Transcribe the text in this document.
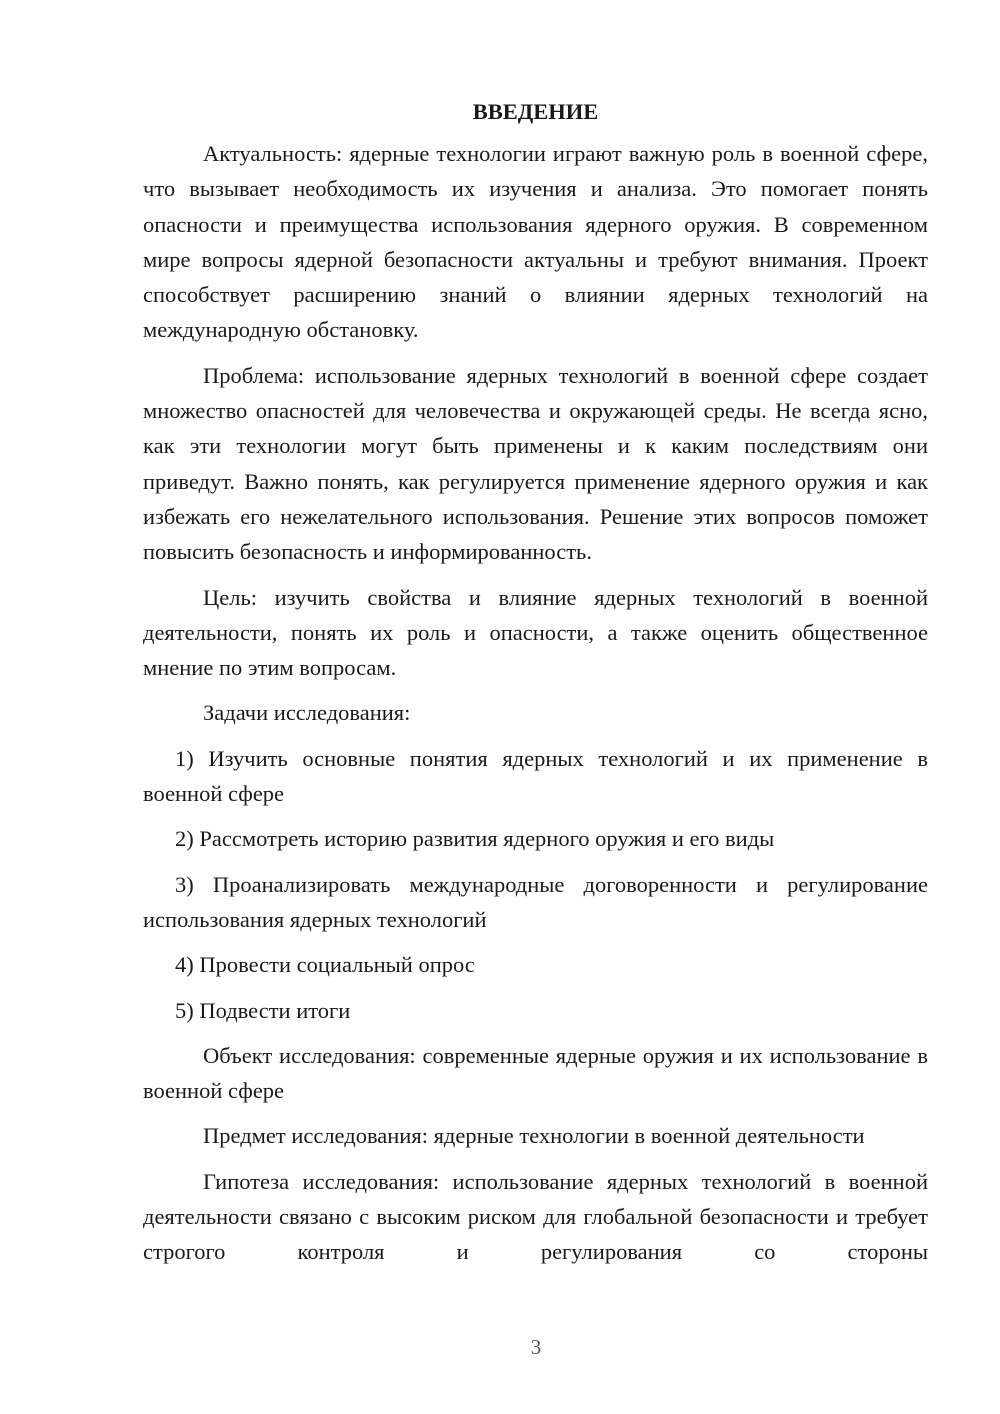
ВВЕДЕНИЕ

Актуальность: ядерные технологии играют важную роль в военной сфере, что вызывает необходимость их изучения и анализа. Это помогает понять опасности и преимущества использования ядерного оружия. В современном мире вопросы ядерной безопасности актуальны и требуют внимания. Проект способствует расширению знаний о влиянии ядерных технологий на международную обстановку.

Проблема: использование ядерных технологий в военной сфере создает множество опасностей для человечества и окружающей среды. Не всегда ясно, как эти технологии могут быть применены и к каким последствиям они приведут. Важно понять, как регулируется применение ядерного оружия и как избежать его нежелательного использования. Решение этих вопросов поможет повысить безопасность и информированность.

Цель: изучить свойства и влияние ядерных технологий в военной деятельности, понять их роль и опасности, а также оценить общественное мнение по этим вопросам.

Задачи исследования:

1) Изучить основные понятия ядерных технологий и их применение в военной сфере

2) Рассмотреть историю развития ядерного оружия и его виды

3) Проанализировать международные договоренности и регулирование использования ядерных технологий

4) Провести социальный опрос

5) Подвести итоги

Объект исследования: современные ядерные оружия и их использование в военной сфере

Предмет исследования: ядерные технологии в военной деятельности

Гипотеза исследования: использование ядерных технологий в военной деятельности связано с высоким риском для глобальной безопасности и требует строгого контроля и регулирования со стороны

3
